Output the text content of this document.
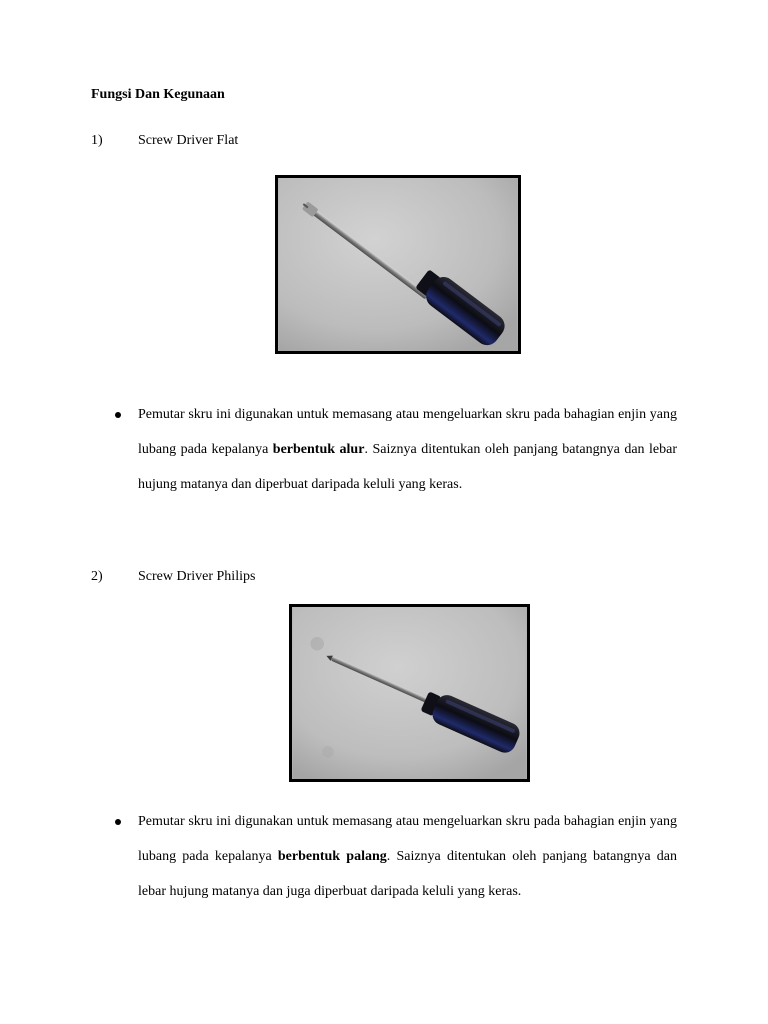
Fungsi Dan Kegunaan
1)	Screw Driver Flat
Pemutar skru ini digunakan untuk memasang atau mengeluarkan skru pada bahagian enjin yang lubang pada kepalanya berbentuk alur. Saiznya ditentukan oleh panjang batangnya dan lebar hujung matanya dan diperbuat daripada keluli yang keras.
2)	Screw Driver Philips
Pemutar skru ini digunakan untuk memasang atau mengeluarkan skru pada bahagian enjin yang lubang pada kepalanya berbentuk palang. Saiznya ditentukan oleh panjang batangnya dan lebar hujung matanya dan juga diperbuat daripada keluli yang keras.
